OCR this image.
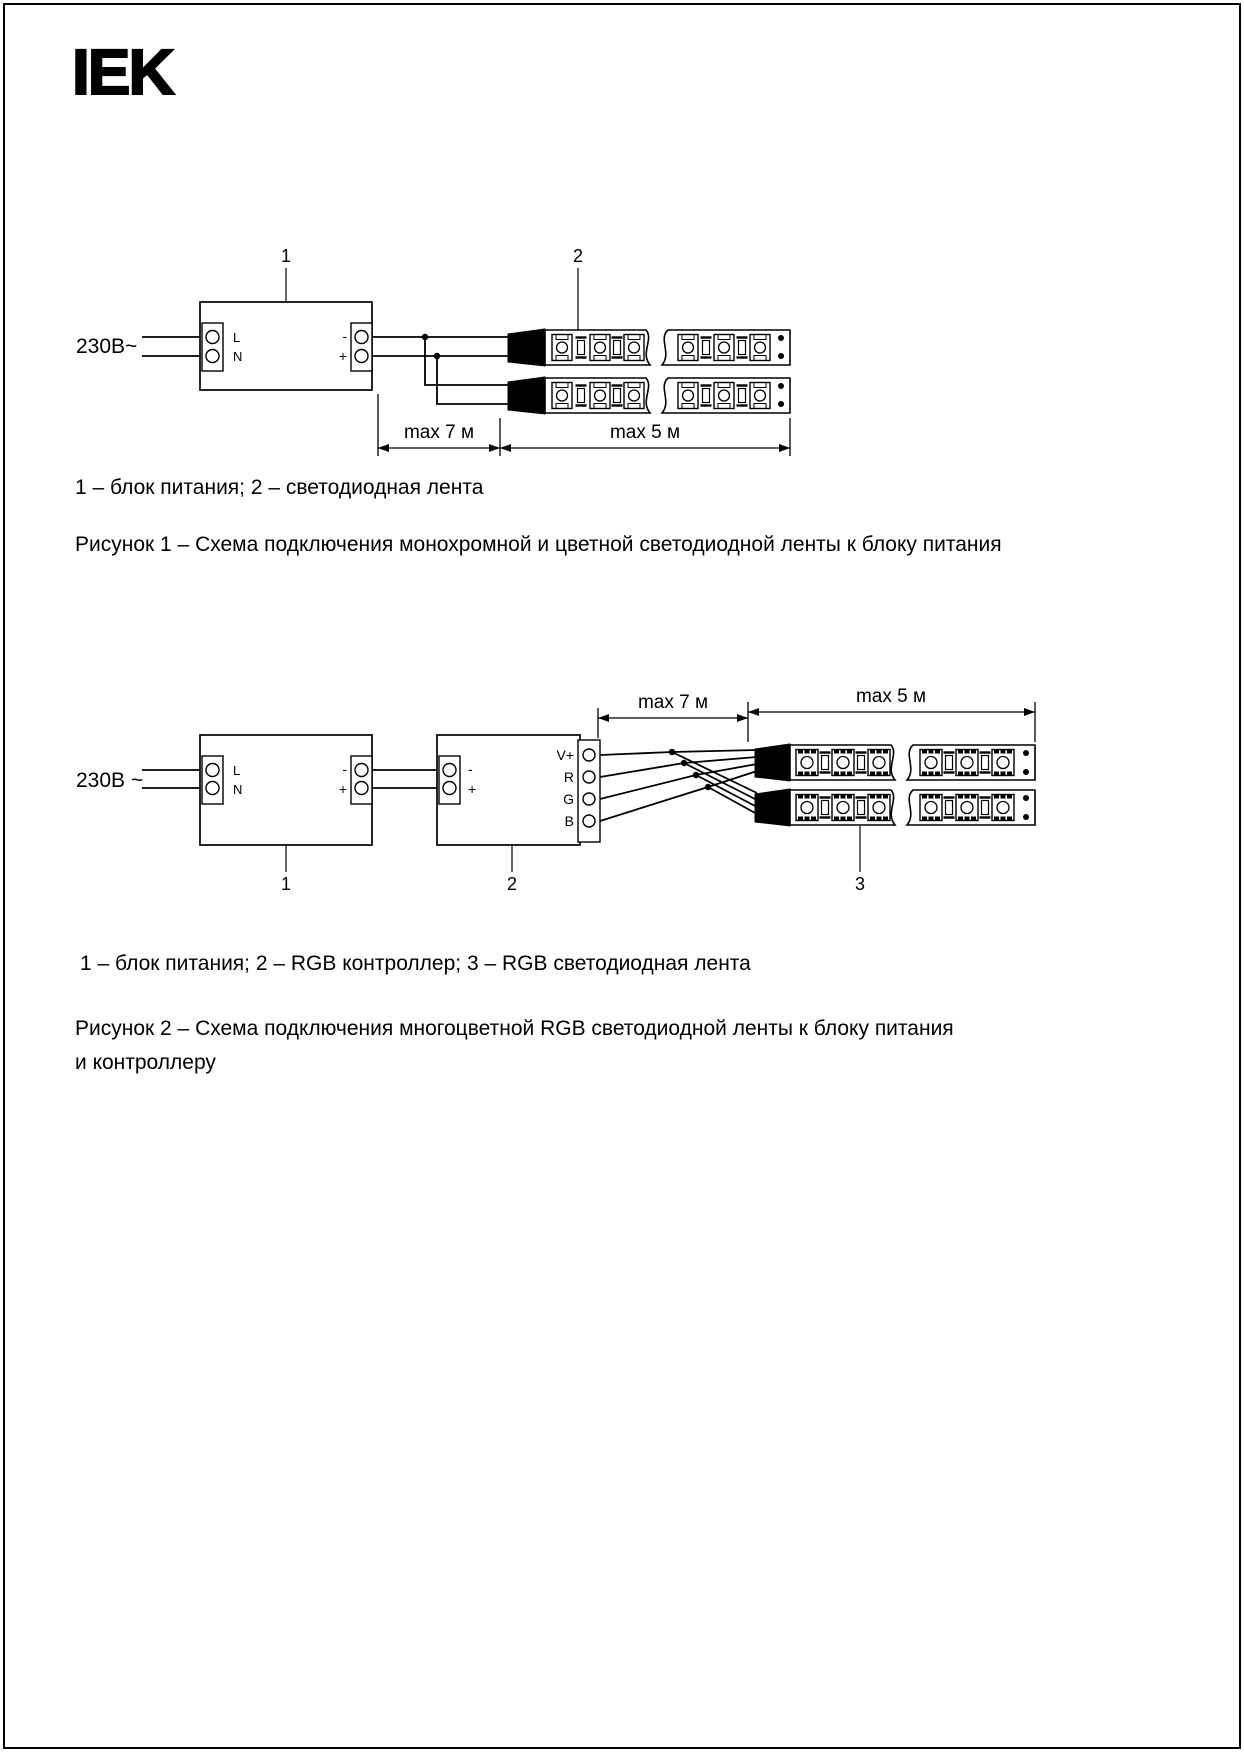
IEK
1	2
230В~	L
N
-
+
max 7 м	max 5 м
1 – блок питания; 2 – светодиодная лента
Рисунок 1 – Схема подключения монохромной и цветной светодиодной ленты к блоку питания
max 7 м	max 5 м
230В ~	L
N
-
+
-
+
V+
R
G
B
1	2	3
1 – блок питания; 2 – RGB контроллер; 3 – RGB светодиодная лента
Рисунок 2 – Схема подключения многоцветной RGB светодиодной ленты к блоку питания
и контроллеру
